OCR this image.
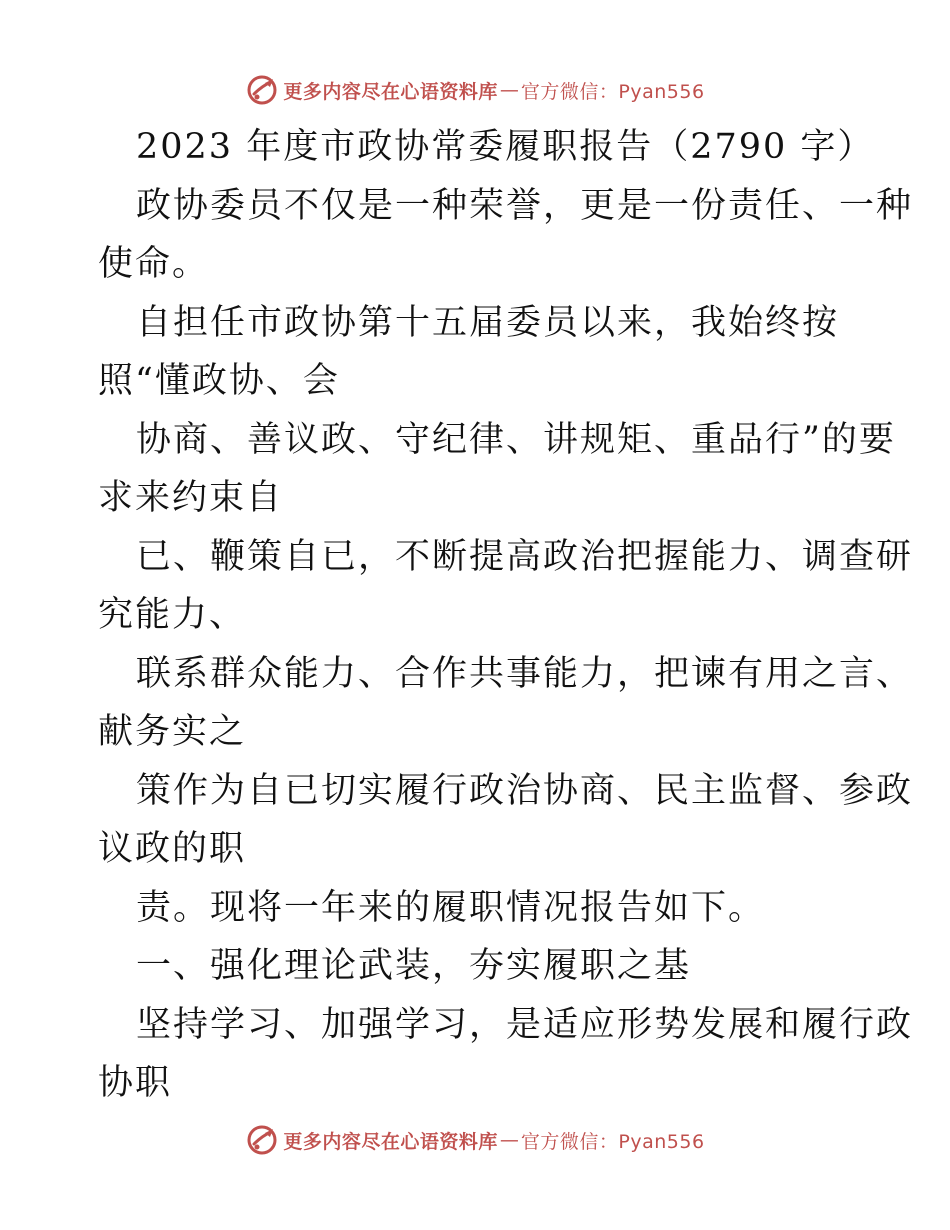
更多内容尽在心语资料库 — 官方微信：Pyan556
2023 年度市政协常委履职报告（2790 字）
政协委员不仅是一种荣誉，更是一份责任、一种
使命。
自担任市政协第十五届委员以来，我始终按
照“懂政协、会
协商、善议政、守纪律、讲规矩、重品行”的要
求来约束自
已、鞭策自已，不断提高政治把握能力、调查研
究能力、
联系群众能力、合作共事能力，把谏有用之言、
献务实之
策作为自已切实履行政治协商、民主监督、参政
议政的职
责。现将一年来的履职情况报告如下。
一、强化理论武装，夯实履职之基
坚持学习、加强学习，是适应形势发展和履行政
协职
更多内容尽在心语资料库 — 官方微信：Pyan556
